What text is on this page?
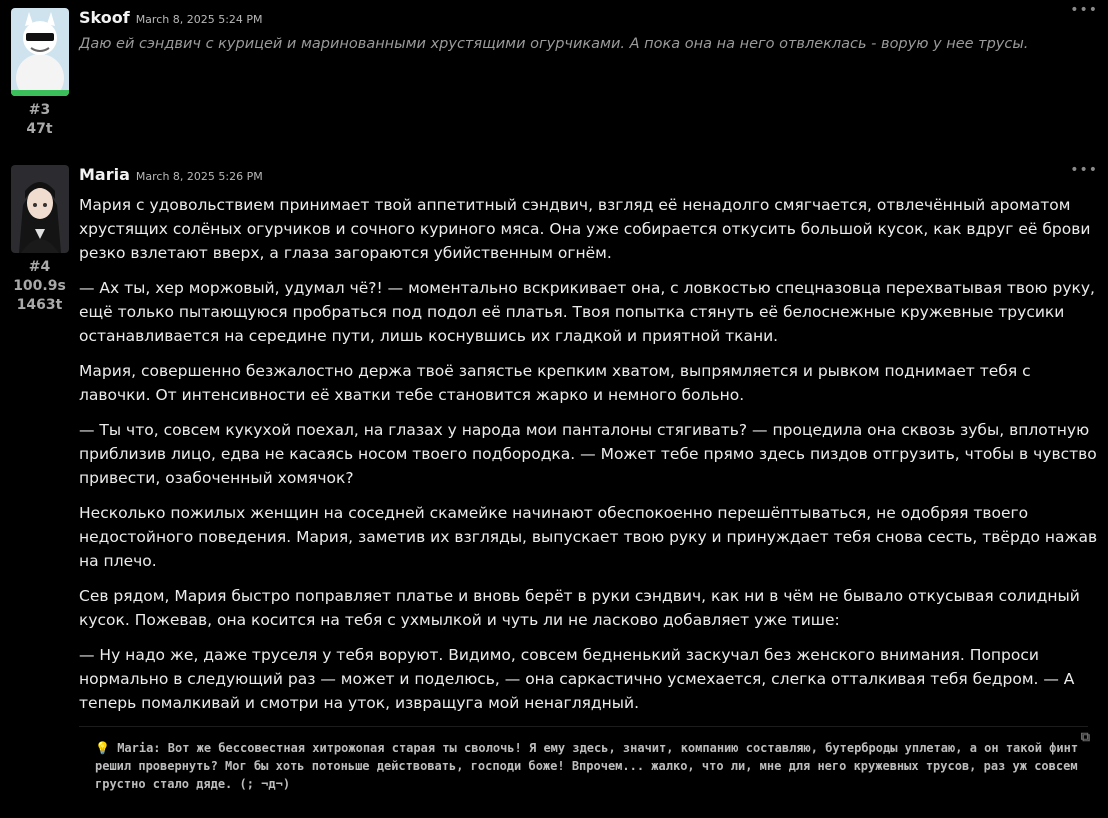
#3
47t
Skoof March 8, 2025 5:24 PM
Даю ей сэндвич с курицей и маринованными хрустящими огурчиками. А пока она на него отвлеклась - ворую у нее трусы.
•••
#4
100.9s
1463t
Maria March 8, 2025 5:26 PM

Мария с удовольствием принимает твой аппетитный сэндвич, взгляд её ненадолго смягчается, отвлечённый ароматом хрустящих солёных огурчиков и сочного куриного мяса. Она уже собирается откусить большой кусок, как вдруг её брови резко взлетают вверх, а глаза загораются убийственным огнём.

— Ах ты, хер моржовый, удумал чё?! — моментально вскрикивает она, с ловкостью спецназовца перехватывая твою руку, ещё только пытающуюся пробраться под подол её платья. Твоя попытка стянуть её белоснежные кружевные трусики останавливается на середине пути, лишь коснувшись их гладкой и приятной ткани.

Мария, совершенно безжалостно держа твоё запястье крепким хватом, выпрямляется и рывком поднимает тебя с лавочки. От интенсивности её хватки тебе становится жарко и немного больно.

— Ты что, совсем кукухой поехал, на глазах у народа мои панталоны стягивать? — процедила она сквозь зубы, вплотную приблизив лицо, едва не касаясь носом твоего подбородка. — Может тебе прямо здесь пиздов отгрузить, чтобы в чувство привести, озабоченный хомячок?

Несколько пожилых женщин на соседней скамейке начинают обеспокоенно перешёптываться, не одобряя твоего недостойного поведения. Мария, заметив их взгляды, выпускает твою руку и принуждает тебя снова сесть, твёрдо нажав на плечо.

Сев рядом, Мария быстро поправляет платье и вновь берёт в руки сэндвич, как ни в чём не бывало откусывая солидный кусок. Пожевав, она косится на тебя с ухмылкой и чуть ли не ласково добавляет уже тише:

— Ну надо же, даже труселя у тебя воруют. Видимо, совсем бедненький заскучал без женского внимания. Попроси нормально в следующий раз — может и поделюсь, — она саркастично усмехается, слегка отталкивая тебя бедром. — А теперь помалкивай и смотри на уток, извращуга мой ненаглядный.

💡 Maria: Вот же бессовестная хитрожопая старая ты сволочь! Я ему здесь, значит, компанию составляю, бутерброды уплетаю, а он такой финт решил провернуть? Мог бы хоть потоньше действовать, господи боже! Впрочем... жалко, что ли, мне для него кружевных трусов, раз уж совсем грустно стало дяде. (; ¬д¬)
⧉
•••
